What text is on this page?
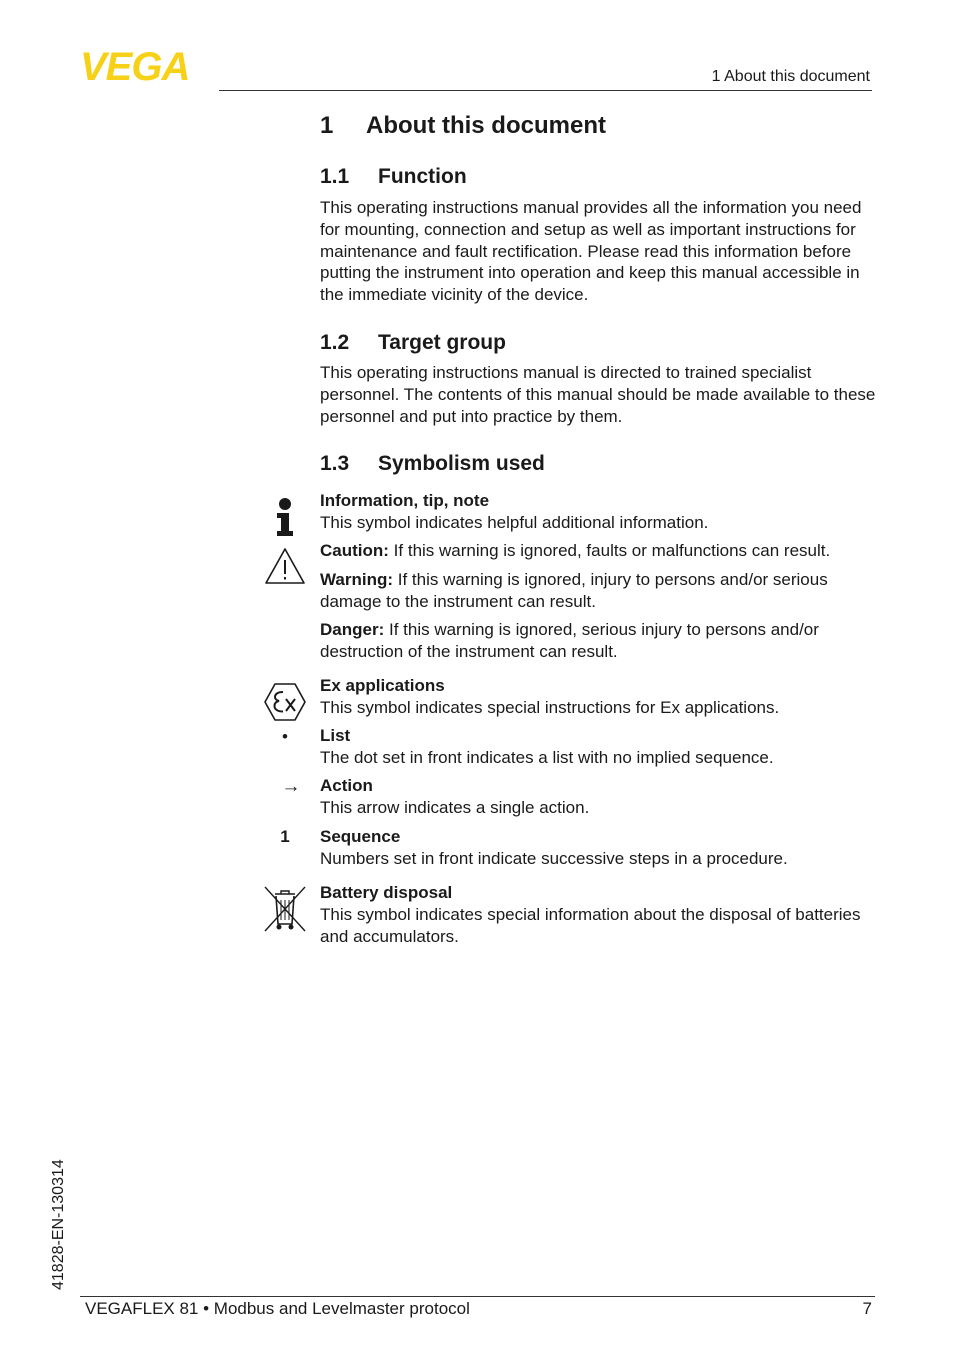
VEGA	1 About this document
1 About this document
1.1 Function
This operating instructions manual provides all the information you need for mounting, connection and setup as well as important instructions for maintenance and fault rectification. Please read this information before putting the instrument into operation and keep this manual accessible in the immediate vicinity of the device.
1.2 Target group
This operating instructions manual is directed to trained specialist personnel. The contents of this manual should be made available to these personnel and put into practice by them.
1.3 Symbolism used
Information, tip, note
This symbol indicates helpful additional information.
Caution: If this warning is ignored, faults or malfunctions can result.
Warning: If this warning is ignored, injury to persons and/or serious damage to the instrument can result.
Danger: If this warning is ignored, serious injury to persons and/or destruction of the instrument can result.
Ex applications
This symbol indicates special instructions for Ex applications.
•	List
The dot set in front indicates a list with no implied sequence.
→	Action
This arrow indicates a single action.
1	Sequence
Numbers set in front indicate successive steps in a procedure.
Battery disposal
This symbol indicates special information about the disposal of batteries and accumulators.
41828-EN-130314
VEGAFLEX 81 • Modbus and Levelmaster protocol	7
